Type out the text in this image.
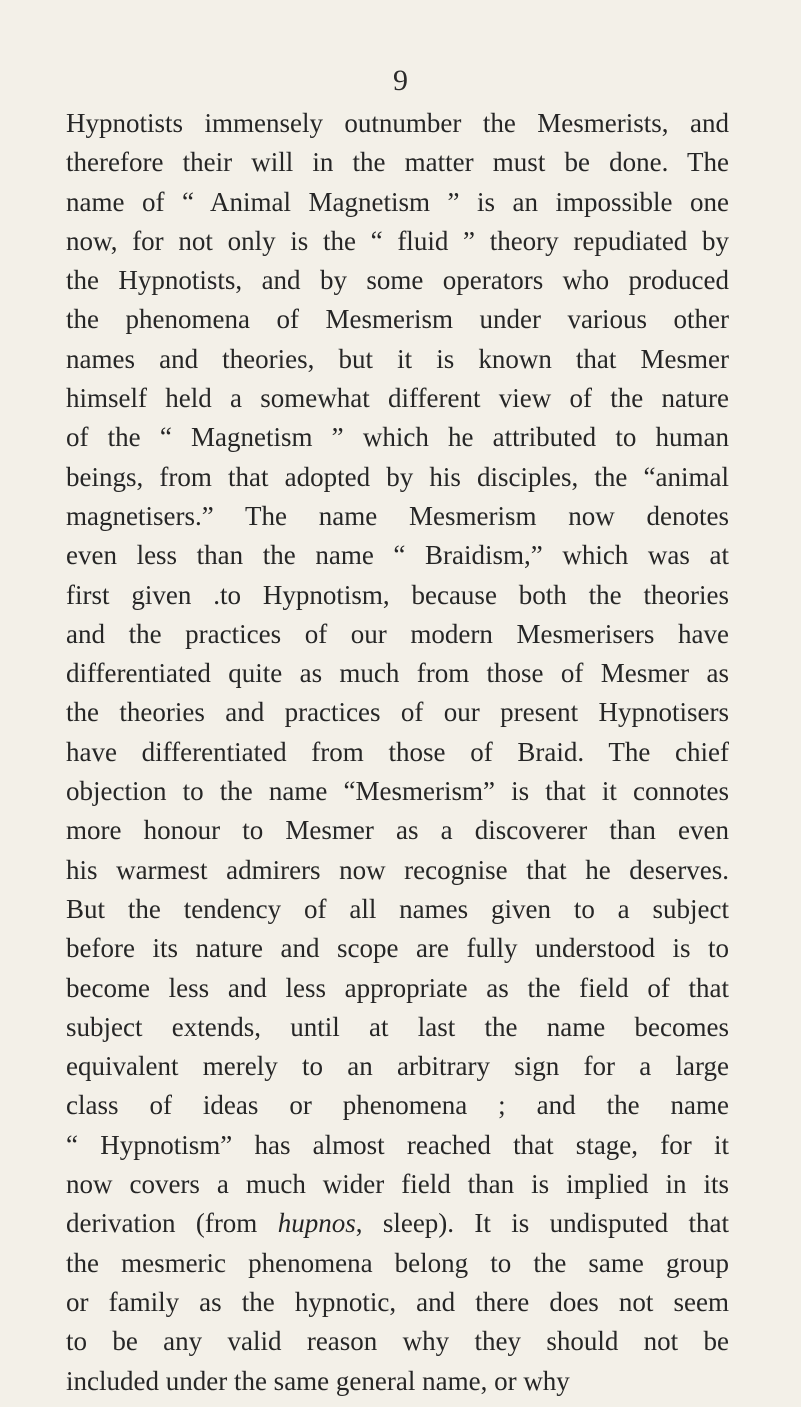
9
Hypnotists immensely outnumber the Mesmerists, and
therefore their will in the matter must be done. The
name of “ Animal Magnetism ” is an impossible one
now, for not only is the “ fluid ” theory repudiated by
the Hypnotists, and by some operators who produced
the phenomena of Mesmerism under various other
names and theories, but it is known that Mesmer
himself held a somewhat different view of the nature
of the “ Magnetism ” which he attributed to human
beings, from that adopted by his disciples, the “animal
magnetisers.” The name Mesmerism now denotes
even less than the name “ Braidism,” which was at
first given .to Hypnotism, because both the theories
and the practices of our modern Mesmerisers have
differentiated quite as much from those of Mesmer as
the theories and practices of our present Hypnotisers
have differentiated from those of Braid. The chief
objection to the name “Mesmerism” is that it connotes
more honour to Mesmer as a discoverer than even
his warmest admirers now recognise that he deserves.
But the tendency of all names given to a subject
before its nature and scope are fully understood is to
become less and less appropriate as the field of that
subject extends, until at last the name becomes
equivalent merely to an arbitrary sign for a large
class of ideas or phenomena ; and the name
“ Hypnotism” has almost reached that stage, for it
now covers a much wider field than is implied in its
derivation (from hupnos, sleep). It is undisputed that
the mesmeric phenomena belong to the same group
or family as the hypnotic, and there does not seem
to be any valid reason why they should not be
included under the same general name, or why
